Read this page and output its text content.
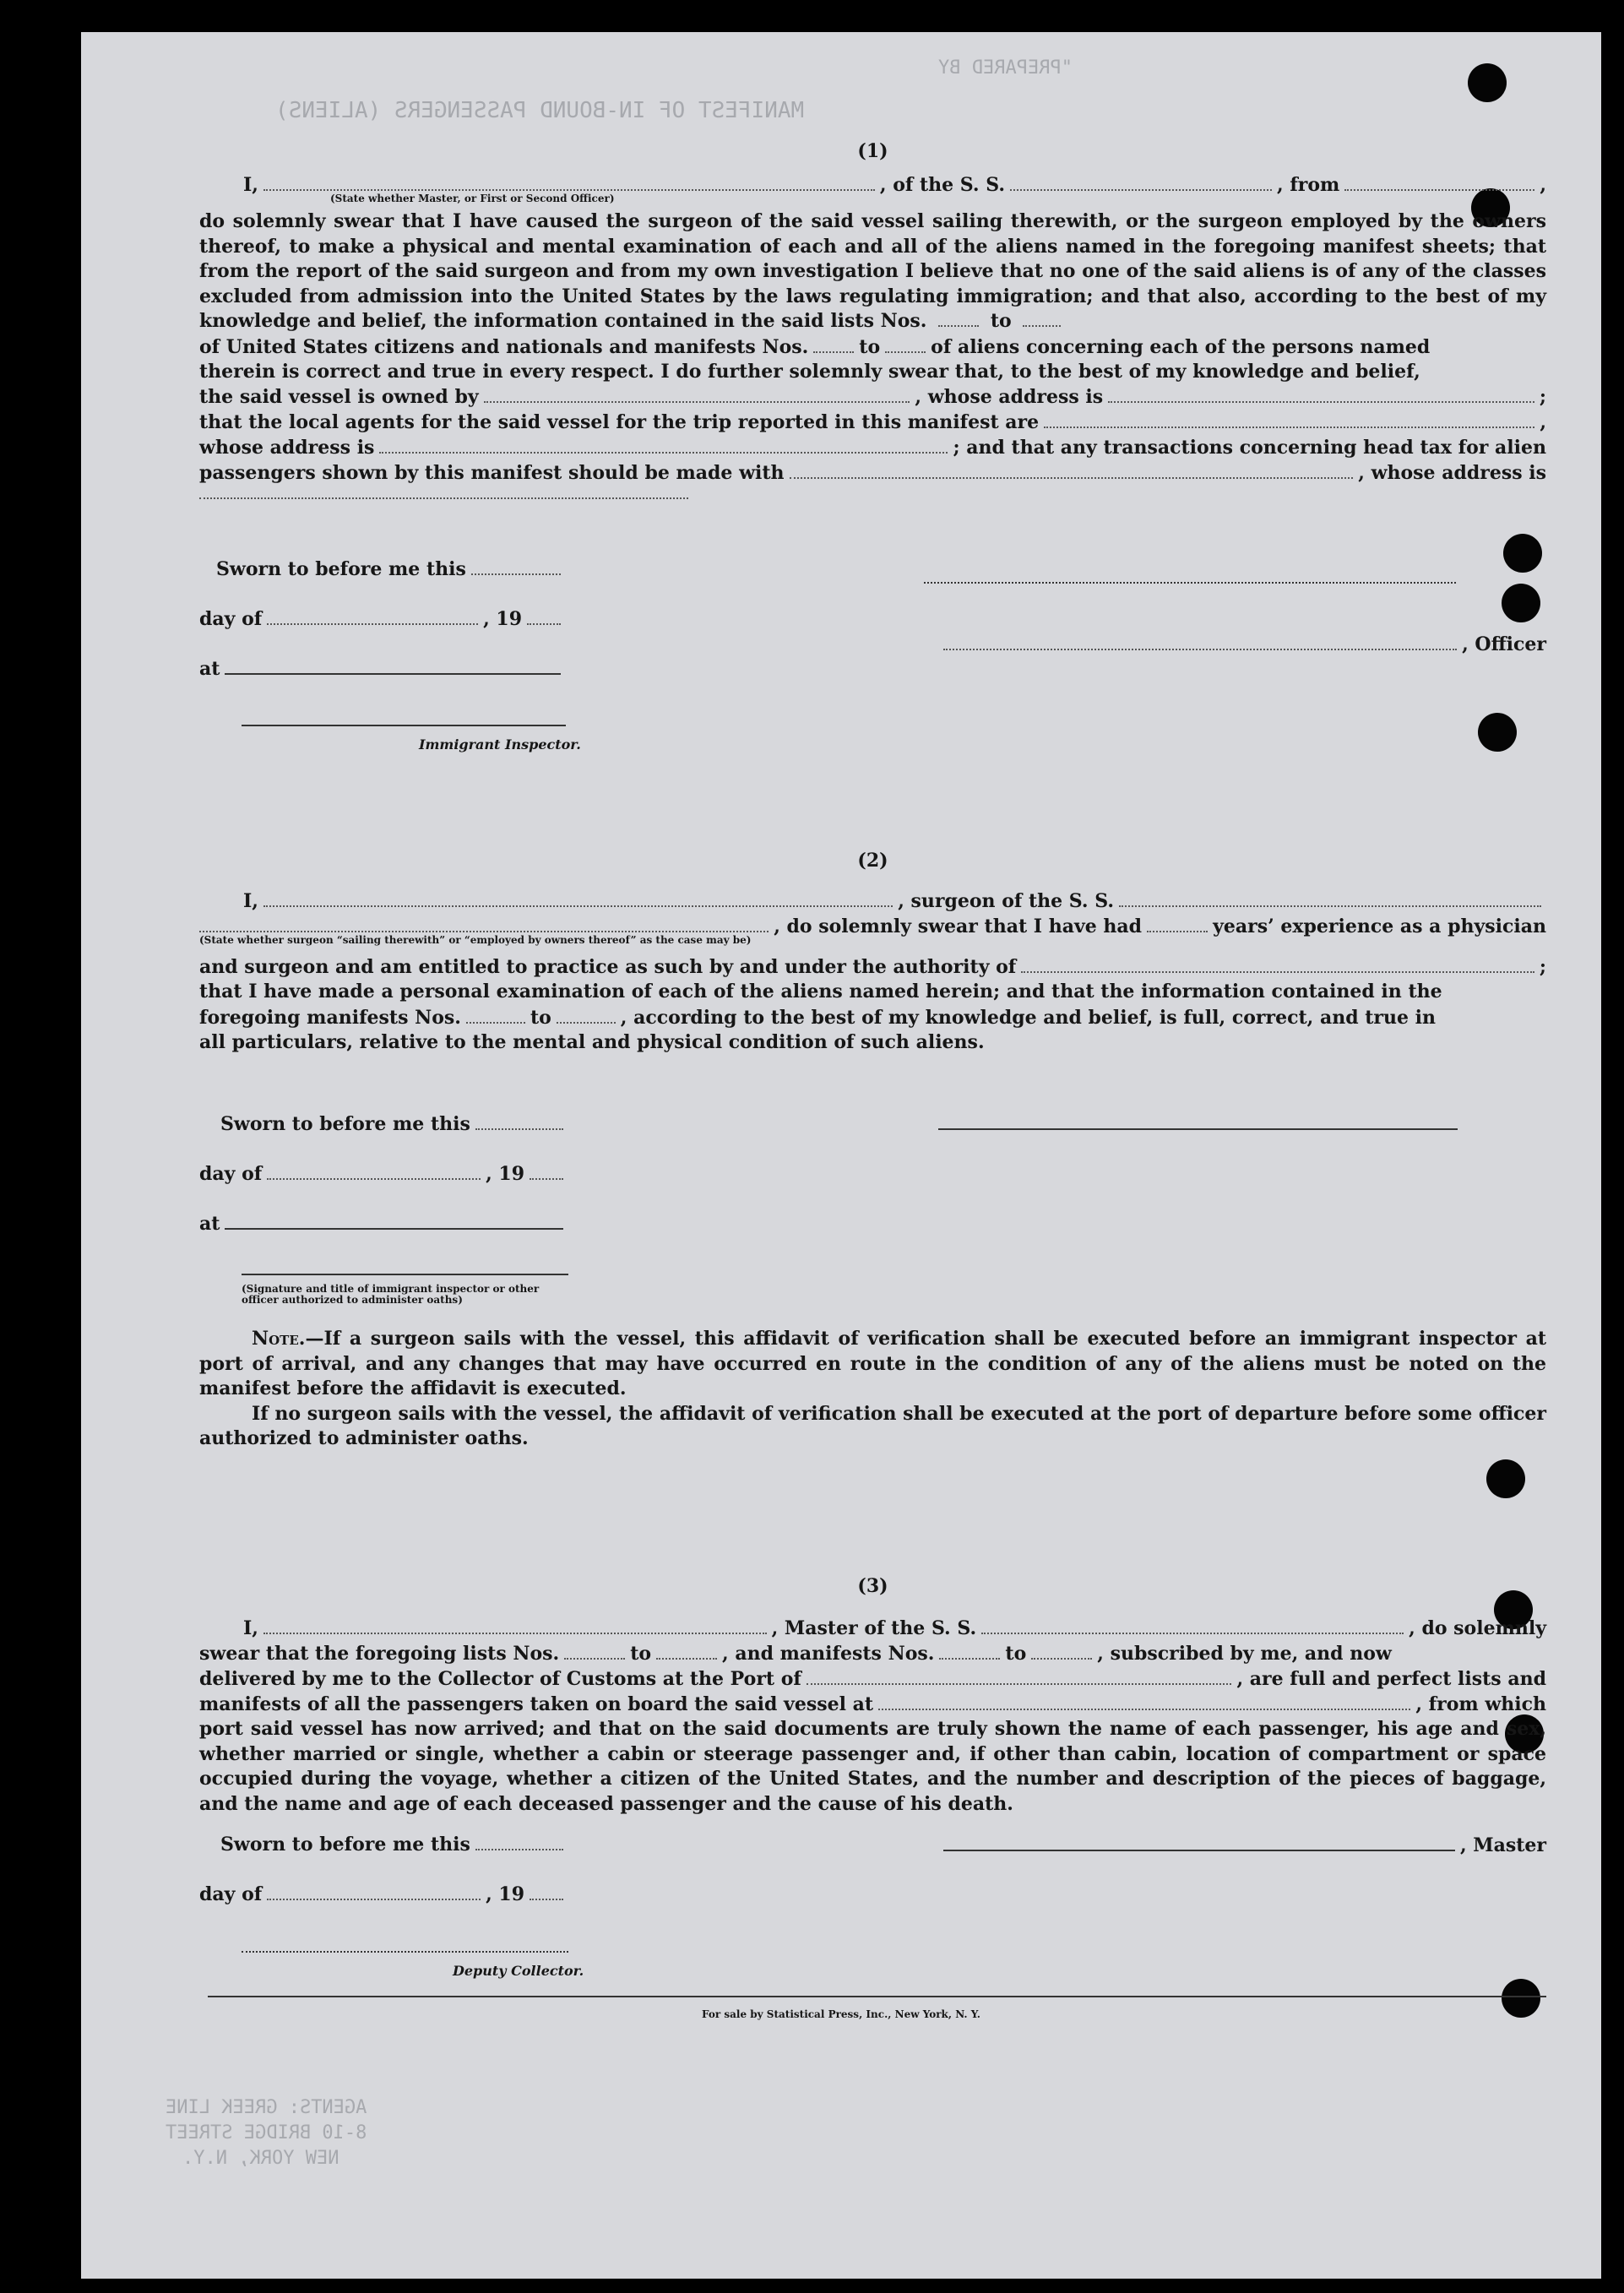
"PREPARED BY
MANIFEST OF IN-BOUND PASSENGERS (ALIENS)
AGENTS: GREEK LINE
8-10 BRIDGE STREET
NEW YORK, N.Y.
(1)
I,	, of the S. S.	, from	,
(State whether Master, or First or Second Officer)

do solemnly swear that I have caused the surgeon of the said vessel sailing therewith, or the surgeon employed by the owners thereof, to make a physical and mental examination of each and all of the aliens named in the foregoing manifest sheets; that from the report of the said surgeon and from my own investigation I believe that no one of the said aliens is of any of the classes excluded from admission into the United States by the laws regulating immigration; and that also, according to the best of my knowledge and belief, the information contained in the said lists Nos.	to

of United States citizens and nationals and manifests Nos.	to	of aliens concerning each of the persons named

therein is correct and true in every respect. I do further solemnly swear that, to the best of my knowledge and belief,

the said vessel is owned by	, whose address is	;
that the local agents for the said vessel for the trip reported in this manifest are	,
whose address is	; and that any transactions concerning head tax for alien
passengers shown by this manifest should be made with	, whose address is
Sworn to before me this
day of	, 19
at
Immigrant Inspector.
, Officer
(2)
I,	, surgeon of the S. S.
, do solemnly swear that I have had	years’ experience as a physician
(State whether surgeon “sailing therewith” or “employed by owners thereof” as the case may be)
and surgeon and am entitled to practice as such by and under the authority of	;

that I have made a personal examination of each of the aliens named herein; and that the information contained in the

foregoing manifests Nos.	to	, according to the best of my knowledge and belief, is full, correct, and true in

all particulars, relative to the mental and physical condition of such aliens.

Sworn to before me this
day of	, 19
at
(Signature and title of immigrant inspector or other officer authorized to administer oaths)

Note.—If a surgeon sails with the vessel, this affidavit of verification shall be executed before an immigrant inspector at port of arrival, and any changes that may have occurred en route in the condition of any of the aliens must be noted on the manifest before the affidavit is executed.

If no surgeon sails with the vessel, the affidavit of verification shall be executed at the port of departure before some officer authorized to administer oaths.

(3)
I,	, Master of the S. S.	, do solemnly
swear that the foregoing lists Nos.	to	, and manifests Nos.	to	, subscribed by me, and now
delivered by me to the Collector of Customs at the Port of	, are full and perfect lists and
manifests of all the passengers taken on board the said vessel at	, from which

port said vessel has now arrived; and that on the said documents are truly shown the name of each passenger, his age and sex, whether married or single, whether a cabin or steerage passenger and, if other than cabin, location of compartment or space occupied during the voyage, whether a citizen of the United States, and the number and description of the pieces of baggage, and the name and age of each deceased passenger and the cause of his death.

Sworn to before me this
day of	, 19
Deputy Collector.
, Master
For sale by Statistical Press, Inc., New York, N. Y.
